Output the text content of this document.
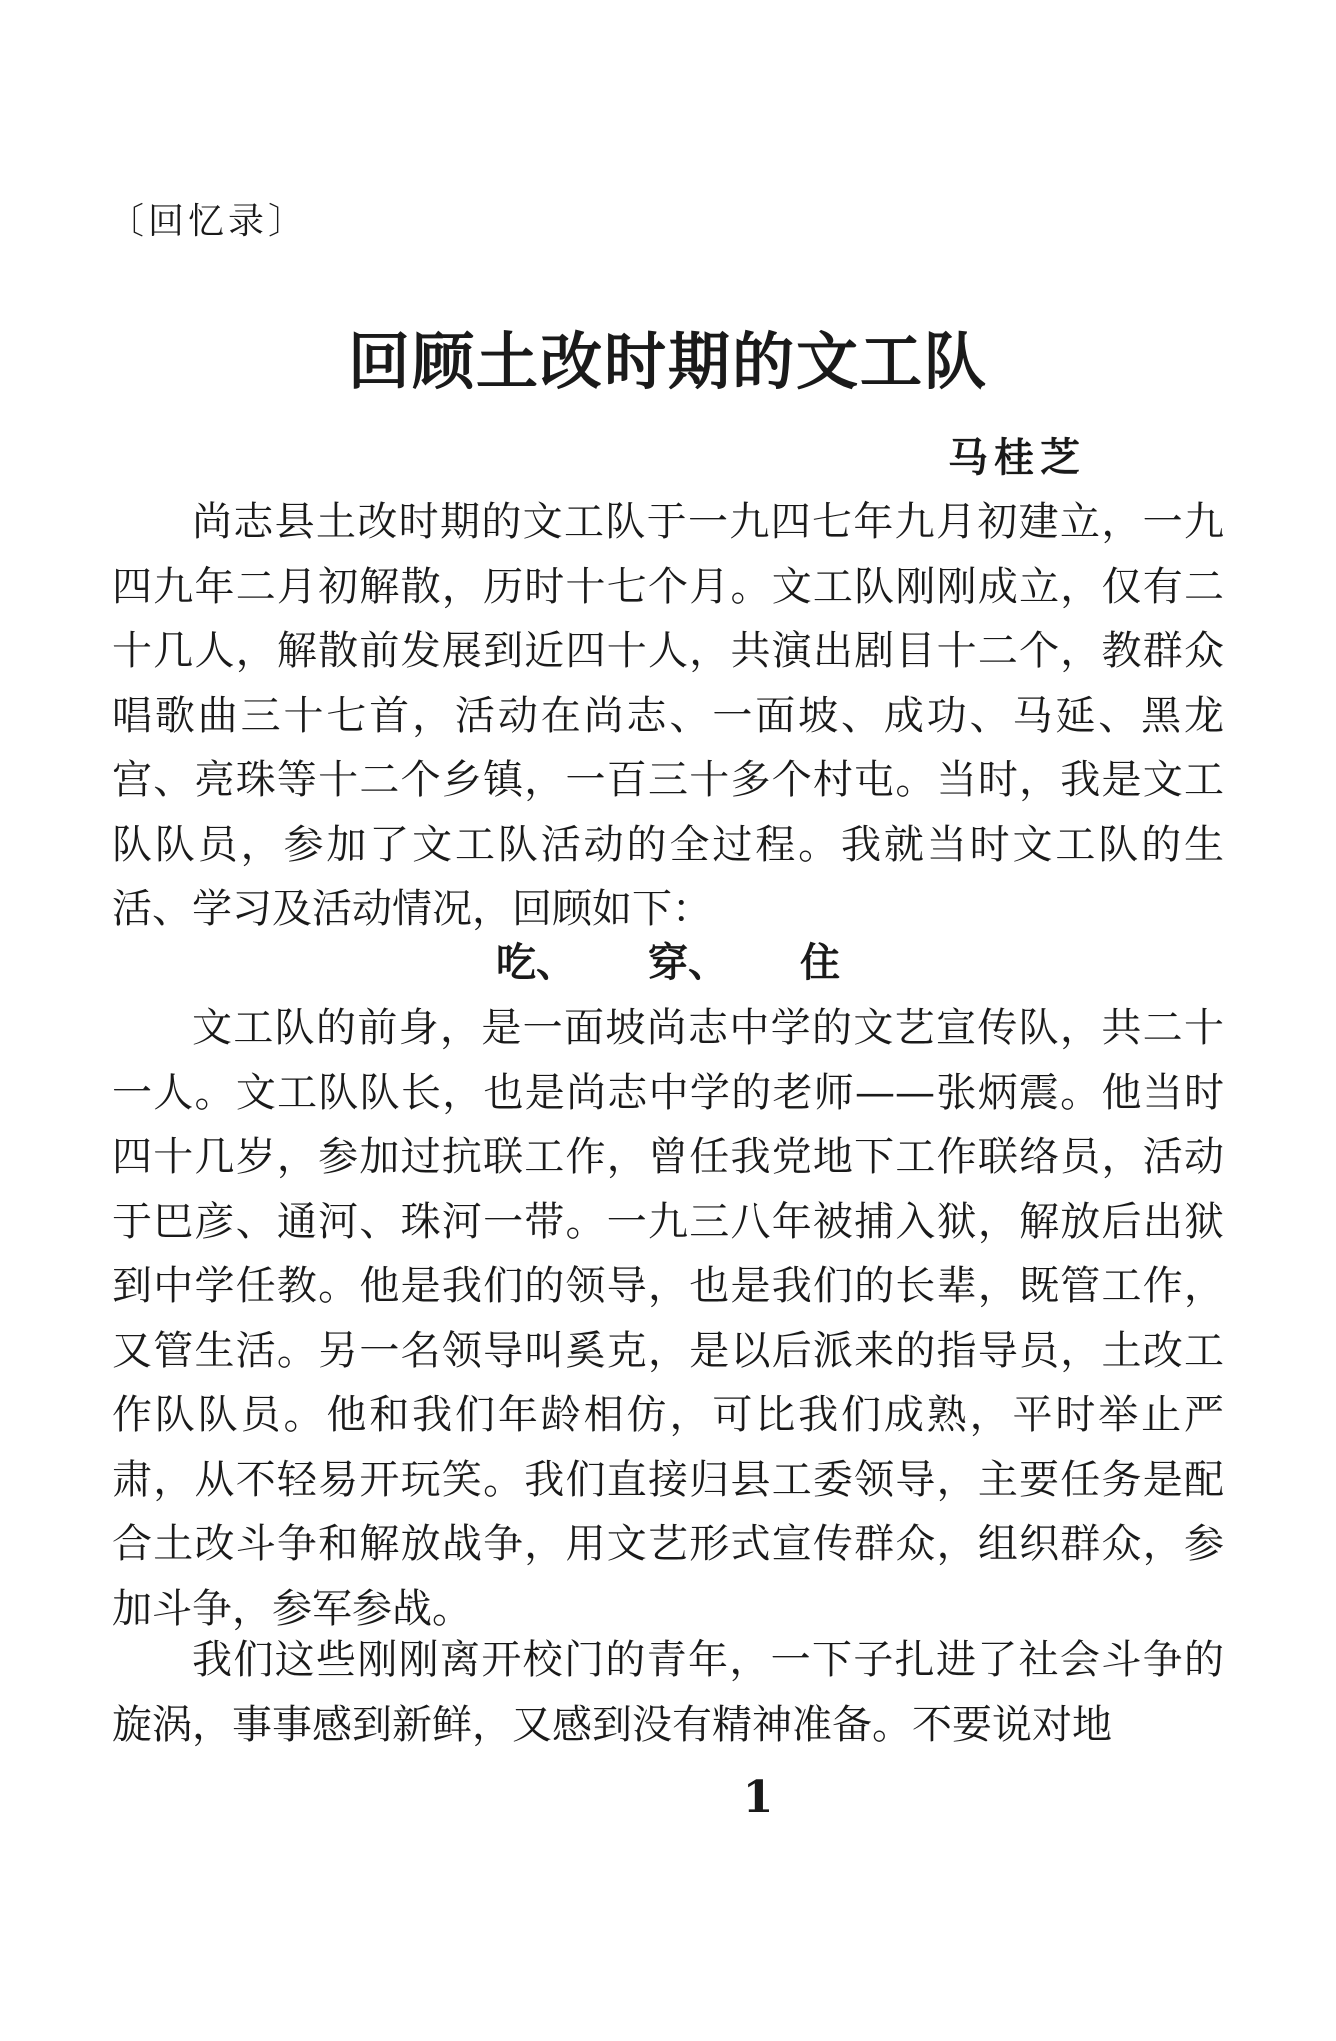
〔回忆录〕
回顾土改时期的文工队
马桂芝

尚志县土改时期的文工队于一九四七年九月初建立，一九四九年二月初解散，历时十七个月。文工队刚刚成立，仅有二十几人，解散前发展到近四十人，共演出剧目十二个，教群众唱歌曲三十七首，活动在尚志、一面坡、成功、马延、黑龙宫、亮珠等十二个乡镇，一百三十多个村屯。当时，我是文工队队员，参加了文工队活动的全过程。我就当时文工队的生活、学习及活动情况，回顾如下：

吃、 穿、 住

文工队的前身，是一面坡尚志中学的文艺宣传队，共二十一人。文工队队长，也是尚志中学的老师——张炳震。他当时四十几岁，参加过抗联工作，曾任我党地下工作联络员，活动于巴彦、通河、珠河一带。一九三八年被捕入狱，解放后出狱到中学任教。他是我们的领导，也是我们的长辈，既管工作，又管生活。另一名领导叫奚克，是以后派来的指导员，土改工作队队员。他和我们年龄相仿，可比我们成熟，平时举止严肃，从不轻易开玩笑。我们直接归县工委领导，主要任务是配合土改斗争和解放战争，用文艺形式宣传群众，组织群众，参加斗争，参军参战。

我们这些刚刚离开校门的青年，一下子扎进了社会斗争的旋涡，事事感到新鲜，又感到没有精神准备。不要说对地

1
